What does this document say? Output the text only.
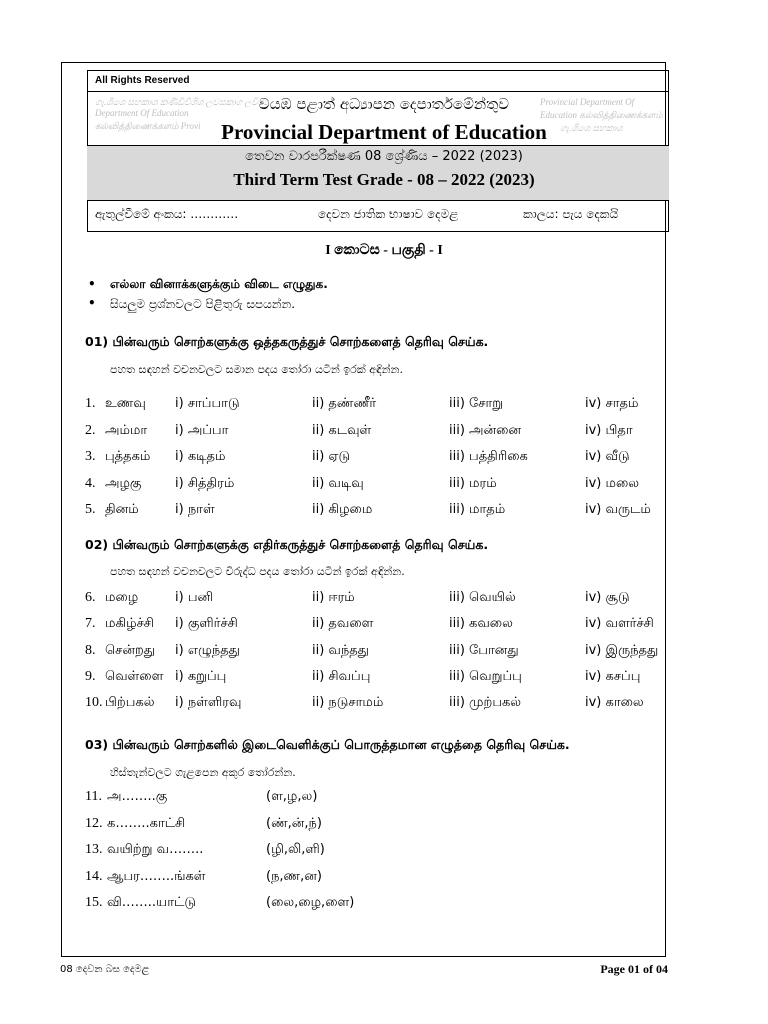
All Rights Reserved
ගැ.ශිශෙ සහකාශ කණිඩිවීශිශ ලවසකාග ලවිජ්‍ය
Department Of Education
கல்வித்திணைக்களம் Provi
Provincial Department Of
Education கல்வித்திணைக்களம்
ගැ.ශිශෙ සහකාශ
වයඹ පළාත් අධ්‍යාපන දෙපාර්තමේන්තුව
Provincial Department of Education
තෙවන වාරපරීක්ෂණ 08 ශ්‍රේණිය – 2022 (2023)
Third Term Test Grade - 08 – 2022 (2023)
ඇතුල්වීමේ අංකය: …………	දෙවන ජාතික භාෂාව දෙමළ	කාලය: පැය දෙකයි
I කොටස - பகுதி - I
• எல்லா வினாக்களுக்கும் விடை எழுதுக.
• සියලුම ප්‍රශ්නවලට පිළිතුරු සපයන්න.
01) பின்வரும் சொற்களுக்கு ஒத்தகருத்துச் சொற்களைத் தெரிவு செய்க.
පහත සඳහන් වචනවලට සමාන පදය තෝරා යටින් ඉරක් අඳින්න.
1. உணவு i) சாப்பாடு	ii) தண்ணீர்	iii) சோறு	iv) சாதம்
2. அம்மா i) அப்பா	ii) கடவுள்	iii) அன்னை	iv) பிதா
3. புத்தகம் i) கடிதம்	ii) ஏடு	iii) பத்திரிகை	iv) வீடு
4. அழகு	i) சித்திரம்	ii) வடிவு	iii) மரம்	iv) மலை
5. தினம்	i) நாள்	ii) கிழமை	iii) மாதம்	iv) வருடம்
02) பின்வரும் சொற்களுக்கு எதிர்கருத்துச் சொற்களைத் தெரிவு செய்க.
පහත සඳහන් වචනවලට විරුද්ධ පදය තෝරා යටින් ඉරක් අඳින්න.
6. மழை	i) பனி	ii) ஈரம்	iii) வெயில்	iv) சூடு
7. மகிழ்ச்சி i) குளிர்ச்சி	ii) தவளை	iii) கவலை	iv) வளர்ச்சி
8. சென்றது i) எழுந்தது	ii) வந்தது	iii) போனது	iv) இருந்தது
9. வெள்ளை i) கறுப்பு	ii) சிவப்பு	iii) வெறுப்பு	iv) கசப்பு
10. பிற்பகல் i) நள்ளிரவு	ii) நடுசாமம்	iii) முற்பகல்	iv) காலை
03) பின்வரும் சொற்களில் இடைவெளிக்குப் பொருத்தமான எழுத்தை தெரிவு செய்க.
හිස්තැන්වලට ගැළපෙන අකුර තෝරන්න.
11. அ……..கு	(ள,ழ,ல)
12. க……..காட்சி	(ண்,ன்,ந்)
13. வயிற்று வ……..	(ழி,லி,ளி)
14. ஆபர……..ங்கள்	(ந,ண,ன)
15. வி……..யாட்டு	(லை,ழை,ளை)
08 දෙවන බස දෙමළ	Page 01 of 04
